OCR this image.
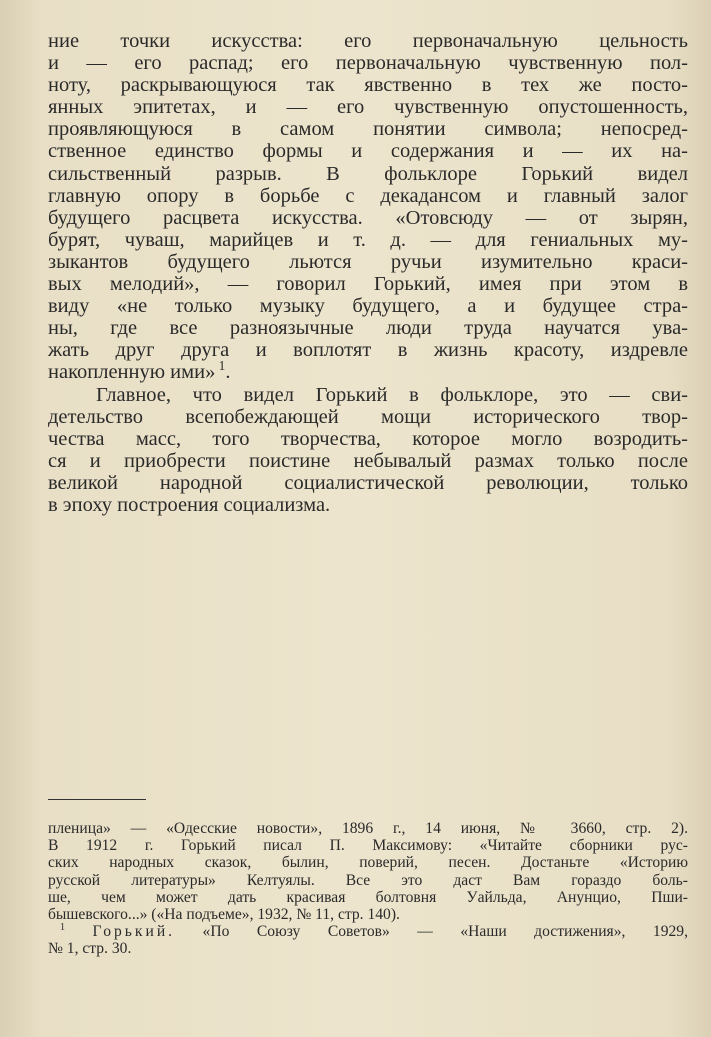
ние точки искусства: его первоначальную цельность
и — его распад; его первоначальную чувственную пол-
ноту, раскрывающуюся так явственно в тех же посто-
янных эпитетах, и — его чувственную опустошенность,
проявляющуюся в самом понятии символа; непосред-
ственное единство формы и содержания и — их на-
сильственный разрыв. В фольклоре Горький видел
главную опору в борьбе с декадансом и главный залог
будущего расцвета искусства. «Отовсюду — от зырян,
бурят, чуваш, марийцев и т. д. — для гениальных му-
зыкантов будущего льются ручьи изумительно краси-
вых мелодий», — говорил Горький, имея при этом в
виду «не только музыку будущего, а и будущее стра-
ны, где все разноязычные люди труда научатся ува-
жать друг друга и воплотят в жизнь красоту, издревле
накопленную ими» $^1$.
Главное, что видел Горький в фольклоре, это — сви-
детельство всепобеждающей мощи исторического твор-
чества масс, того творчества, которое могло возродить-
ся и приобрести поистине небывалый размах только после
великой народной социалистической революции, только
в эпоху построения социализма.
пленица» — «Одесские новости», 1896 г., 14 июня, № 3660, стр. 2).
В 1912 г. Горький писал П. Максимову: «Читайте сборники рус-
ских народных сказок, былин, поверий, песен. Достаньте «Историю
русской литературы» Келтуялы. Все это даст Вам гораздо боль-
ше, чем может дать красивая болтовня Уайльда, Анунцио, Пши-
бышевского...» («На подъеме», 1932, № 11, стр. 140).
$^1$ Горький. «По Союзу Советов» — «Наши достижения», 1929,
№ 1, стр. 30.
